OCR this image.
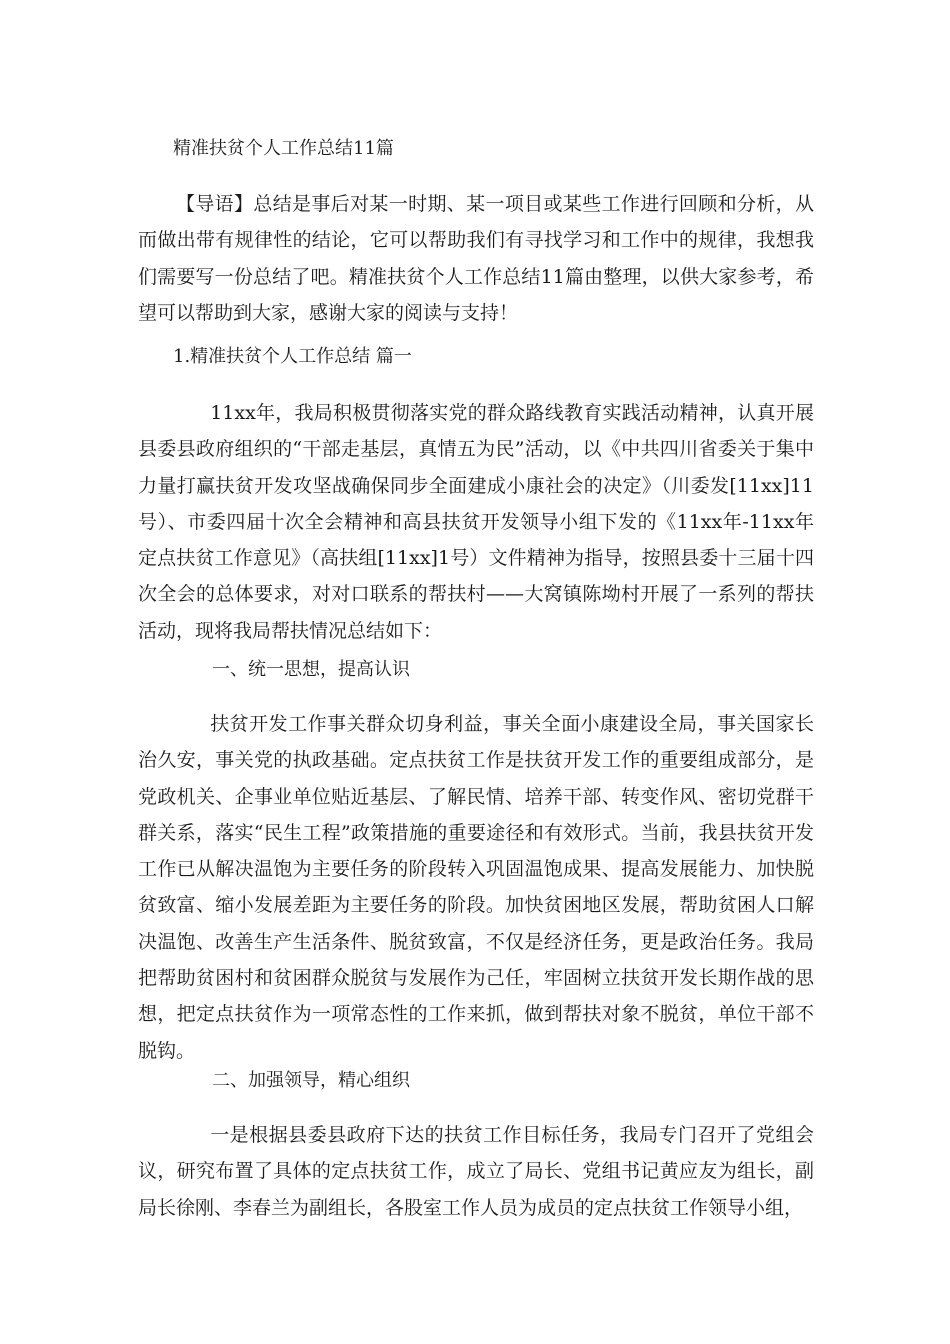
精准扶贫个人工作总结11篇

【导语】总结是事后对某一时期、某一项目或某些工作进行回顾和分析，从而做出带有规律性的结论，它可以帮助我们有寻找学习和工作中的规律，我想我们需要写一份总结了吧。精准扶贫个人工作总结11篇由整理，以供大家参考，希望可以帮助到大家，感谢大家的阅读与支持！

1.精准扶贫个人工作总结 篇一

11xx年，我局积极贯彻落实党的群众路线教育实践活动精神，认真开展县委县政府组织的“干部走基层，真情五为民”活动，以《中共四川省委关于集中力量打赢扶贫开发攻坚战确保同步全面建成小康社会的决定》（川委发[11xx]11号）、市委四届十次全会精神和高县扶贫开发领导小组下发的《11xx年-11xx年定点扶贫工作意见》（高扶组[11xx]1号）文件精神为指导，按照县委十三届十四次全会的总体要求，对对口联系的帮扶村——大窝镇陈坳村开展了一系列的帮扶活动，现将我局帮扶情况总结如下：

一、统一思想，提高认识

扶贫开发工作事关群众切身利益，事关全面小康建设全局，事关国家长治久安，事关党的执政基础。定点扶贫工作是扶贫开发工作的重要组成部分，是党政机关、企事业单位贴近基层、了解民情、培养干部、转变作风、密切党群干群关系，落实“民生工程”政策措施的重要途径和有效形式。当前，我县扶贫开发工作已从解决温饱为主要任务的阶段转入巩固温饱成果、提高发展能力、加快脱贫致富、缩小发展差距为主要任务的阶段。加快贫困地区发展，帮助贫困人口解决温饱、改善生产生活条件、脱贫致富，不仅是经济任务，更是政治任务。我局把帮助贫困村和贫困群众脱贫与发展作为己任，牢固树立扶贫开发长期作战的思想，把定点扶贫作为一项常态性的工作来抓，做到帮扶对象不脱贫，单位干部不脱钩。

二、加强领导，精心组织

一是根据县委县政府下达的扶贫工作目标任务，我局专门召开了党组会议，研究布置了具体的定点扶贫工作，成立了局长、党组书记黄应友为组长，副局长徐刚、李春兰为副组长，各股室工作人员为成员的定点扶贫工作领导小组，
